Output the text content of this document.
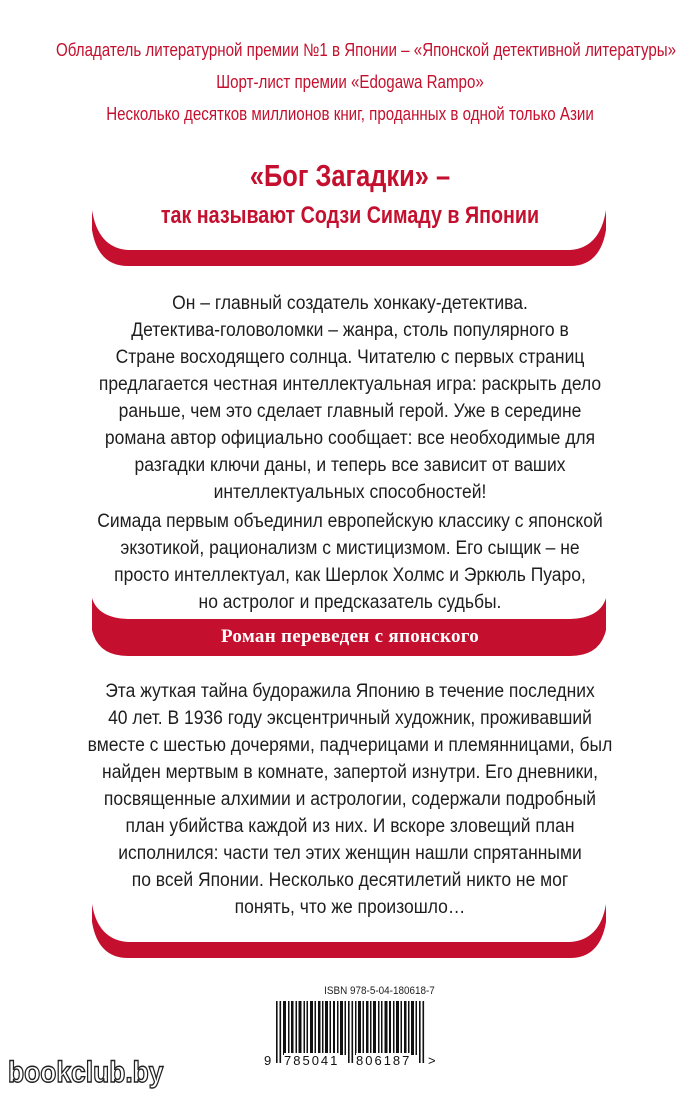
Обладатель литературной премии №1 в Японии – «Японской детективной литературы»
Шорт-лист премии «Edogawa Rampo»
Несколько десятков миллионов книг, проданных в одной только Азии
«Бог Загадки» –
так называют Содзи Симаду в Японии
Он – главный создатель хонкаку-детектива.
Детектива-головоломки – жанра, столь популярного в
Стране восходящего солнца. Читателю с первых страниц
предлагается честная интеллектуальная игра: раскрыть дело
раньше, чем это сделает главный герой. Уже в середине
романа автор официально сообщает: все необходимые для
разгадки ключи даны, и теперь все зависит от ваших
интеллектуальных способностей!
Симада первым объединил европейскую классику с японской
экзотикой, рационализм с мистицизмом. Его сыщик – не
просто интеллектуал, как Шерлок Холмс и Эркюль Пуаро,
но астролог и предсказатель судьбы.
Роман переведен с японского
Эта жуткая тайна будоражила Японию в течение последних
40 лет. В 1936 году эксцентричный художник, проживавший
вместе с шестью дочерями, падчерицами и племянницами, был
найден мертвым в комнате, запертой изнутри. Его дневники,
посвященные алхимии и астрологии, содержали подробный
план убийства каждой из них. И вскоре зловещий план
исполнился: части тел этих женщин нашли спрятанными
по всей Японии. Несколько десятилетий никто не мог
понять, что же произошло…
ISBN 978-5-04-180618-7
9 785041 806187 >
bookclub.by
